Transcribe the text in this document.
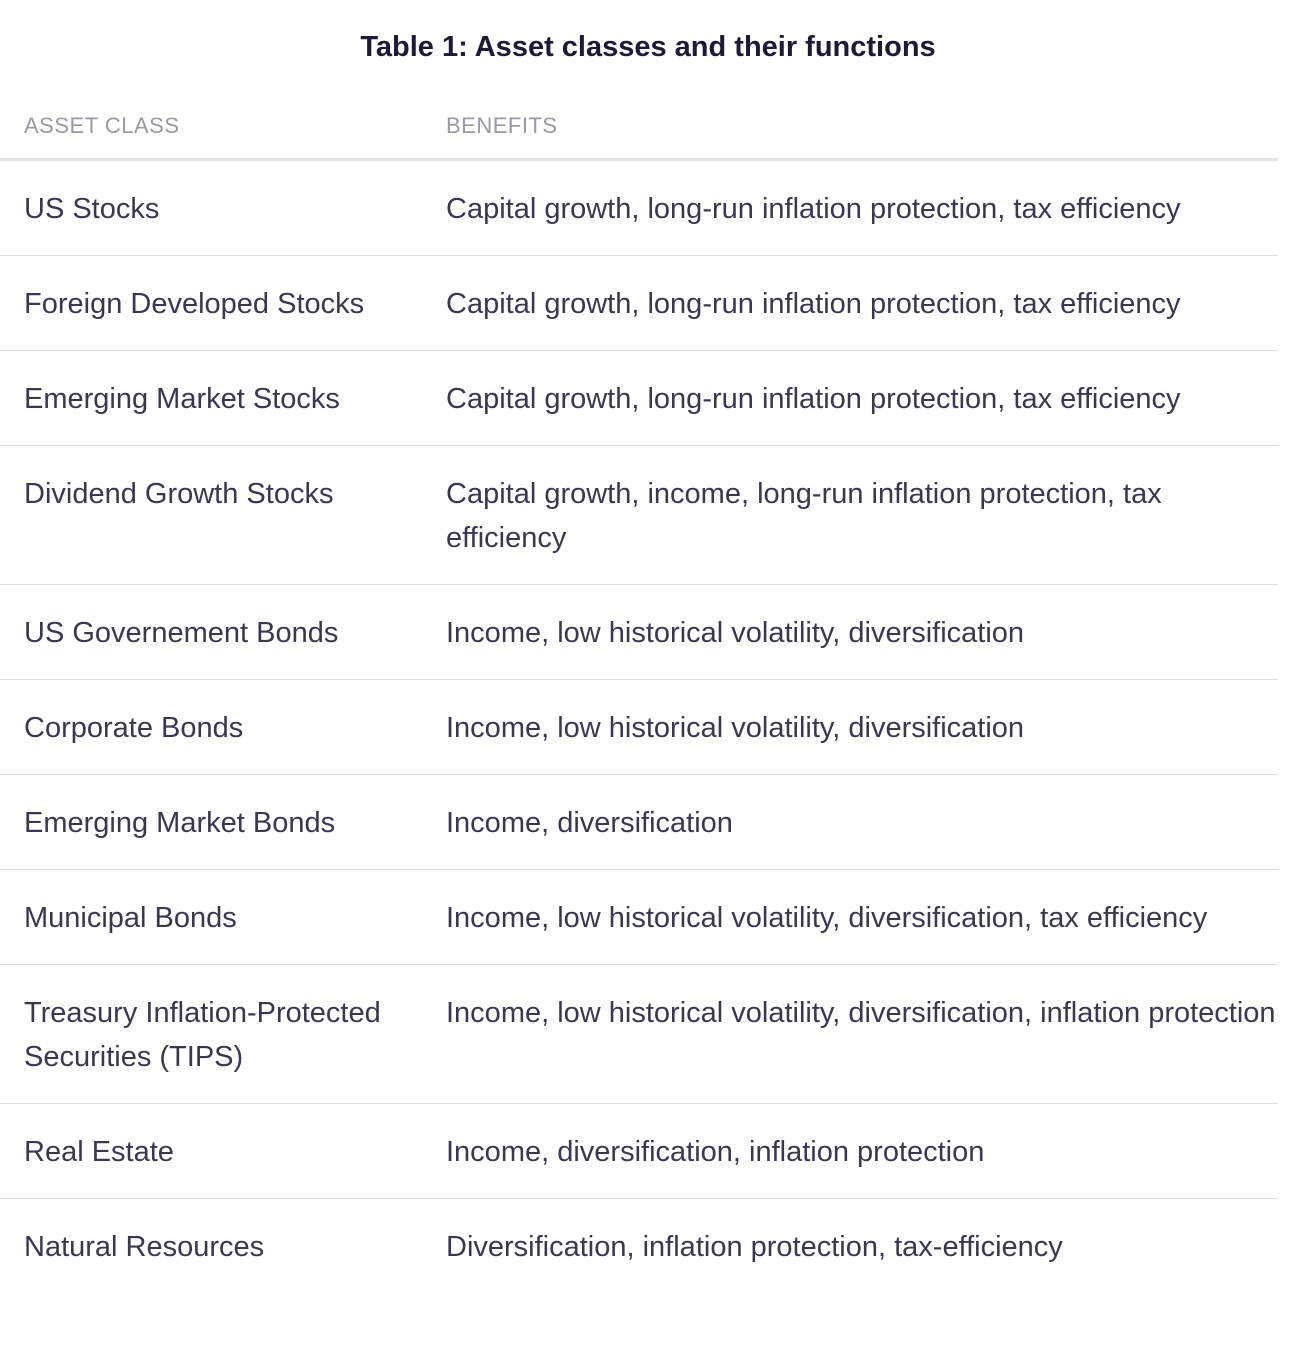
Table 1: Asset classes and their functions
ASSET CLASS	BENEFITS
US Stocks	Capital growth, long-run inflation protection, tax efficiency
Foreign Developed Stocks	Capital growth, long-run inflation protection, tax efficiency
Emerging Market Stocks	Capital growth, long-run inflation protection, tax efficiency
Dividend Growth Stocks	Capital growth, income, long-run inflation protection, tax efficiency
US Governement Bonds	Income, low historical volatility, diversification
Corporate Bonds	Income, low historical volatility, diversification
Emerging Market Bonds	Income, diversification
Municipal Bonds	Income, low historical volatility, diversification, tax efficiency
Treasury Inflation-Protected Securities (TIPS)	Income, low historical volatility, diversification, inflation protection
Real Estate	Income, diversification, inflation protection
Natural Resources	Diversification, inflation protection, tax-efficiency
